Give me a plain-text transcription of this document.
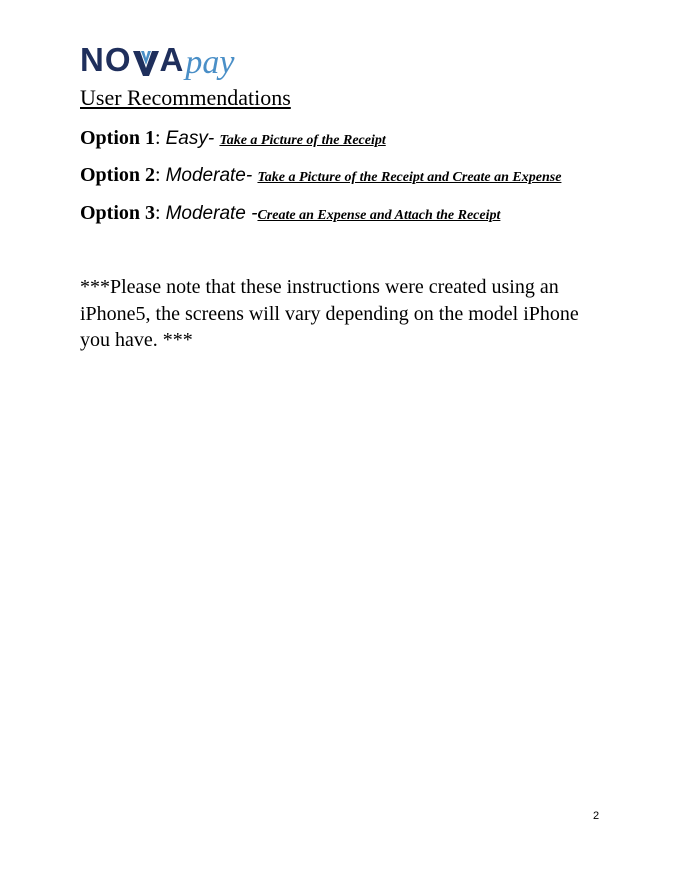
NO A pay
User Recommendations
Option 1: Easy- Take a Picture of the Receipt
Option 2: Moderate- Take a Picture of the Receipt and Create an Expense
Option 3: Moderate -Create an Expense and Attach the Receipt
***Please note that these instructions were created using an iPhone5, the screens will vary depending on the model iPhone you have. ***
2
